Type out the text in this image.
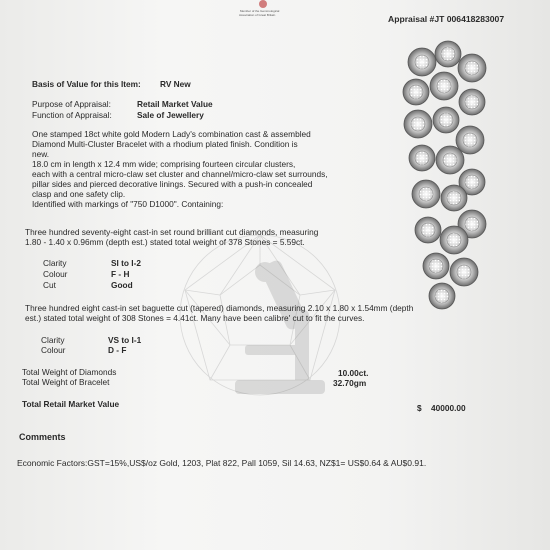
Member of the Gemmological
Association of Great Britain	Appraisal #JT 006418283007
Basis of Value for this Item: RV New
Purpose of Appraisal:	Retail Market Value
Function of Appraisal:	Sale of Jewellery
One stamped 18ct white gold Modern Lady's combination cast & assembled
Diamond Multi-Cluster Bracelet with a rhodium plated finish. Condition is
new.
18.0 cm in length x 12.4 mm wide; comprising fourteen circular clusters,
each with a central micro-claw set cluster and channel/micro-claw set surrounds,
pillar sides and pierced decorative linings. Secured with a push-in concealed
clasp and one safety clip.
Identified with markings of "750 D1000". Containing:
Three hundred seventy-eight cast-in set round brilliant cut diamonds, measuring
1.80 - 1.40 x 0.96mm (depth est.) stated total weight of 378 Stones = 5.59ct.
Clarity	SI to I-2
Colour	F - H
Cut	Good
Three hundred eight cast-in set baguette cut (tapered) diamonds, measuring 2.10 x 1.80 x 1.54mm (depth
est.) stated total weight of 308 Stones = 4.41ct. Many have been calibre' cut to fit the curves.
Clarity	VS to I-1
Colour	D - F
Total Weight of Diamonds	10.00ct.
Total Weight of Bracelet	32.70gm
Total Retail Market Value	$ 40000.00
Comments
Economic Factors:GST=15%,US$/oz Gold, 1203, Plat 822, Pall 1059, Sil 14.63, NZ$1= US$0.64 & AU$0.91.
